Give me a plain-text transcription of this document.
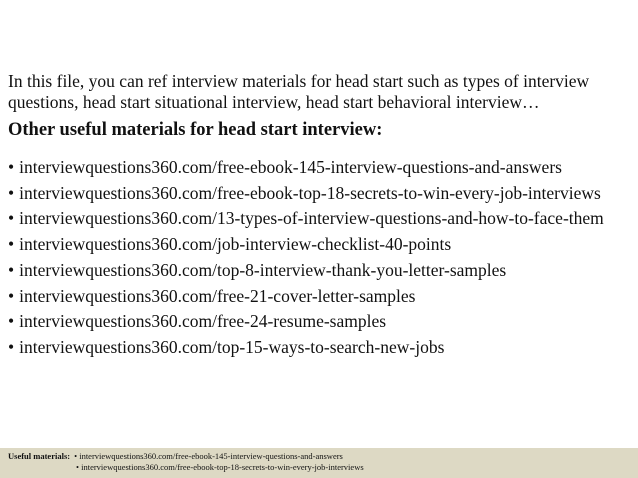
In this file, you can ref interview materials for head start such as types of interview questions, head start situational interview, head start behavioral interview…

Other useful materials for head start interview:

• interviewquestions360.com/free-ebook-145-interview-questions-and-answers
• interviewquestions360.com/free-ebook-top-18-secrets-to-win-every-job-interviews
• interviewquestions360.com/13-types-of-interview-questions-and-how-to-face-them
• interviewquestions360.com/job-interview-checklist-40-points
• interviewquestions360.com/top-8-interview-thank-you-letter-samples
• interviewquestions360.com/free-21-cover-letter-samples
• interviewquestions360.com/free-24-resume-samples
• interviewquestions360.com/top-15-ways-to-search-new-jobs
Useful materials: • interviewquestions360.com/free-ebook-145-interview-questions-and-answers
• interviewquestions360.com/free-ebook-top-18-secrets-to-win-every-job-interviews
